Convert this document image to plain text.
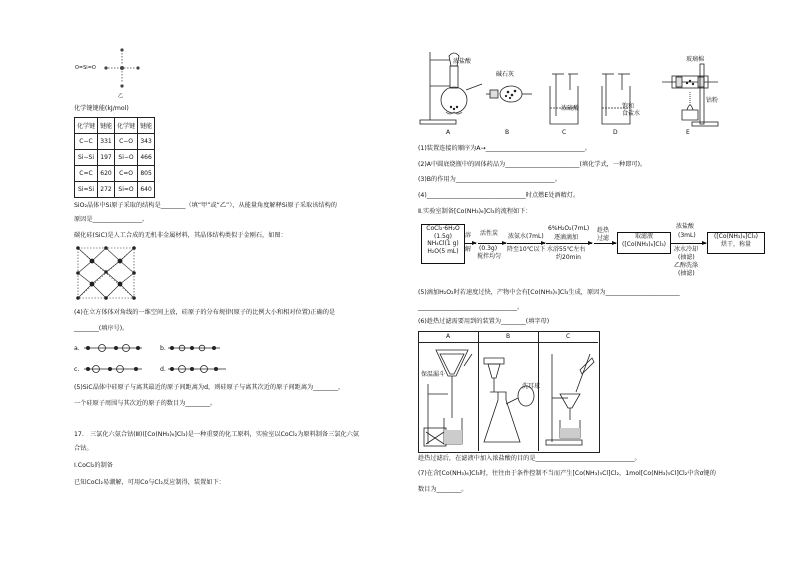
O=Si=O
乙
化学键键能(kJ/mol)
化学键	键能	化学键	键能
C−C	331	C−O	343
Si−Si	197	Si−O	466
C=C	620	C=O	805
Si=Si	272	Si=O	640
SiO₂晶体中Si原子采取的结构是________（填“甲”或“乙”），从能量角度解释Si原子采取该结构的
原因是________________。
碳化硅(SiC)是人工合成的无机非金属材料，其晶体结构类似于金刚石，如图：
(4)在立方体体对角线的一维空间上放，硅原子的分布规律(原子的比例大小和相对位置)正确的是
________(填序号)。
a.	b.
c.	d.
(5)SiC晶体中硅原子与离其最近的原子间距离为d，则硅原子与离其次近的原子间距离为________，
一个硅原子周围与其次近的原子的数目为________。
17. 三氯化六氨合钴(Ⅲ)([Co(NH₃)₆]Cl₃)是一种重要的化工原料，实验室以CoCl₂为原料制备三氯化六氨
合钴。
Ⅰ.CoCl₂的制备
已知CoCl₂易潮解，可用Co与Cl₂反应制得，装置如下：
浓盐酸
A
碱石灰
B
浓硫酸
C
饱和
食盐水
D
玻璃棉
钴粉
E
(1)装置连接的顺序为A→________________________________。
(2)A中圆底烧瓶中的固体药品为________________________(填化学式，一种即可)。
(3)B的作用为________________________________。
(4)________________________________时点燃E处酒精灯。
Ⅱ.实验室制备[Co(NH₃)₆]Cl₃的流程如下：
CoCl₂·6H₂O
(1.5g)
NH₄Cl(1 g)
H₂O(5 mL)
溶
解
活性炭
(0.3g)
搅拌均匀
浓氨水(7mL)
降至10℃以下
6%H₂O₂(7mL)
逐滴滴加
水浴55℃左右
约20min
趁热
过滤	取滤液
([Co(NH₃)₆]Cl₃)
浓盐酸
(3mL)
冰水冷却
(抽滤)
乙醇洗涤
(抽滤)
([Co(NH₃)₆]Cl₃)
烘干，称量
(5)滴加H₂O₂时若速度过快，产物中会有[Co(NH₃)₅]Cl₃生成，原因为________________________
________________________________。
(6)趁热过滤需要用到的装置为________(填字母)
A	B	C
保温漏斗
洗耳球
趁热过滤后，在滤液中加入浓盐酸的目的是________________________________。
(7)在含[Co(NH₃)₆]Cl₃时，往往由于条件控制不当而产生[Co(NH₃)₅Cl]Cl₂，1mol[Co(NH₃)₅Cl]Cl₂中含σ键的
数目为________。
